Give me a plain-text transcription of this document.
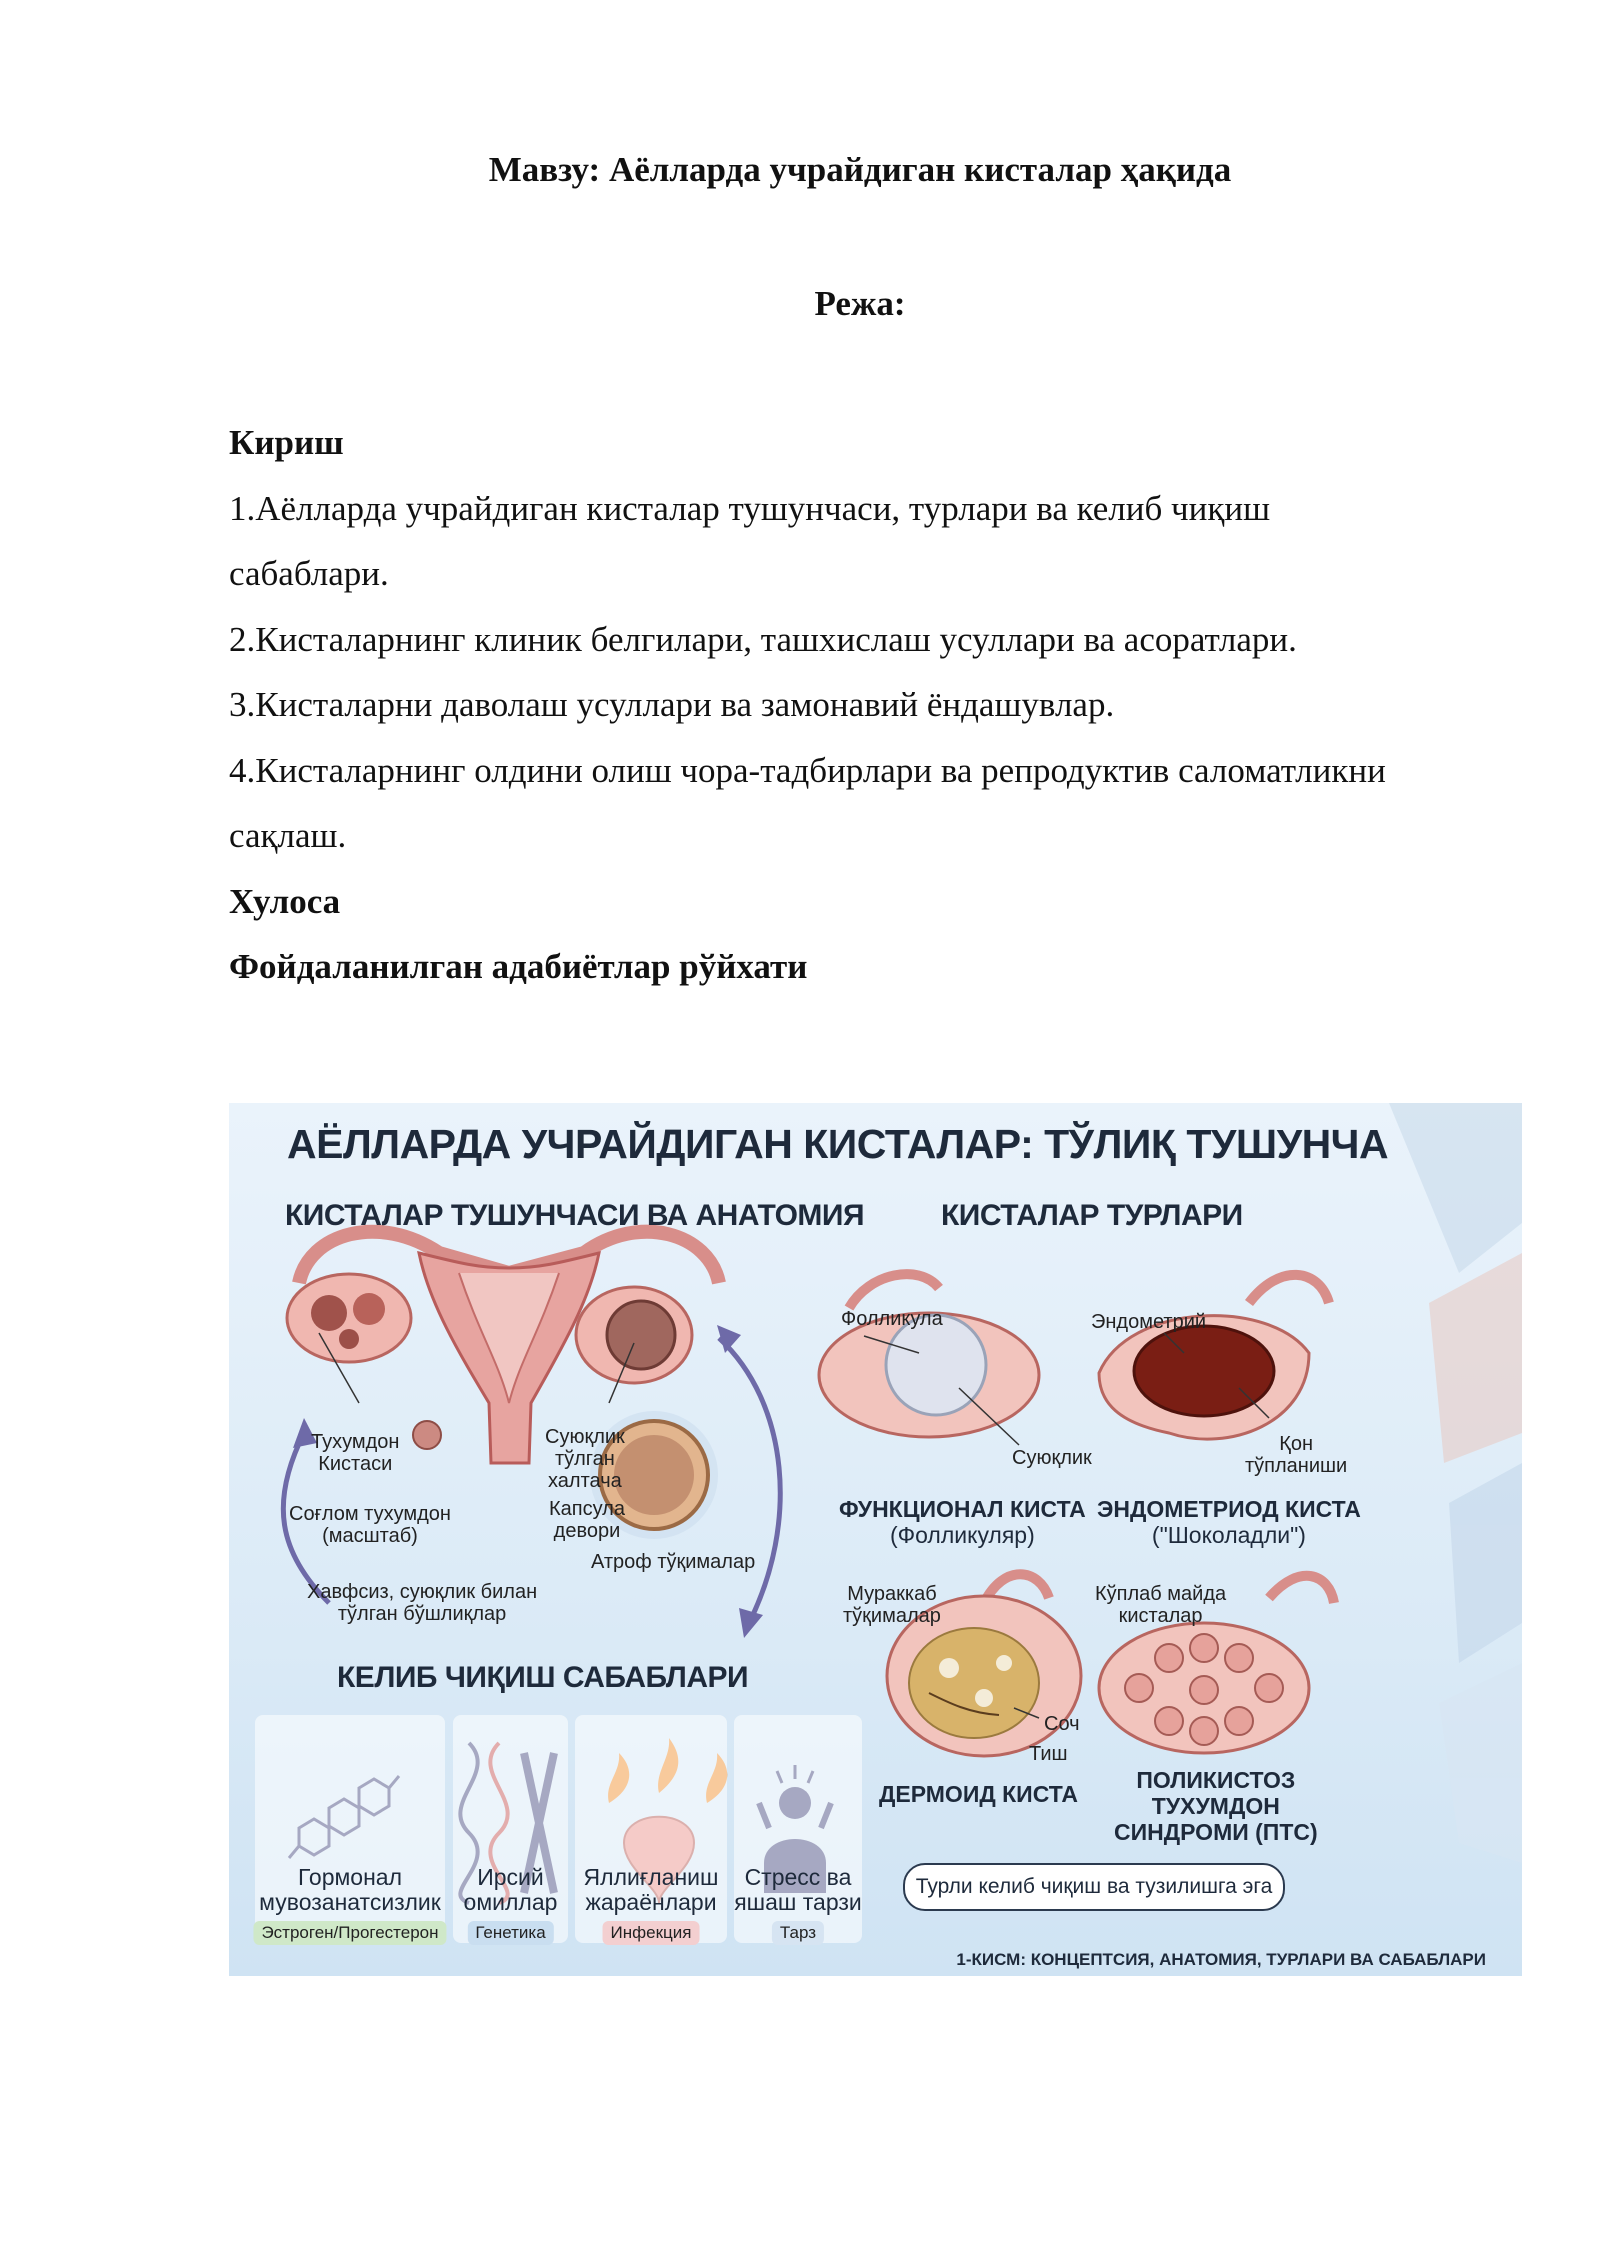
Мавзу: Аёлларда учрайдиган кисталар ҳақида
Режа:
Кириш
1.Аёлларда учрайдиган кисталар тушунчаси, турлари ва келиб чиқиш
сабаблари.
2.Кисталарнинг клиник белгилари, ташхислаш усуллари ва асоратлари.
3.Кисталарни даволаш усуллари ва замонавий ёндашувлар.
4.Кисталарнинг олдини олиш чора-тадбирлари ва репродуктив саломатликни
сақлаш.
Хулоса
Фойдаланилган адабиётлар рўйхати
АЁЛЛАРДА УЧРАЙДИГАН КИСТАЛАР: ТЎЛИҚ ТУШУНЧА
КИСТАЛАР ТУШУНЧАСИ ВА АНАТОМИЯ	КИСТАЛАР ТУРЛАРИ
КЕЛИБ ЧИҚИШ САБАБЛАРИ
Тухумдон
Кистаси
Соғлом тухумдон
(масштаб)
Суюқлик
тўлган
халтача
Капсула
девори
Атроф тўқималар
Хавфсиз, суюқлик билан
тўлган бўшлиқлар
Фолликула
Суюқлик
Эндометрий
Қон
тўпланиши
ФУНКЦИОНАЛ КИСТА
(Фолликуляр)
ЭНДОМЕТРИОД КИСТА
("Шоколадли")
Мураккаб
тўқималар
Соч
Тиш
ДЕРМОИД КИСТА
Кўплаб майда
кисталар
ПОЛИКИСТОЗ
ТУХУМДОН
СИНДРОМИ (ПТС)
Турли келиб чиқиш ва тузилишга эга
Гормонал
мувозанатсизлик
Эстроген/Прогестерон
Ирсий
омиллар
Генетика
Яллиғланиш
жараёнлари
Инфекция
Стресс ва
яшаш тарзи
Тарз
1-КИСМ: КОНЦЕПТСИЯ, АНАТОМИЯ, ТУРЛАРИ ВА САБАБЛАРИ
